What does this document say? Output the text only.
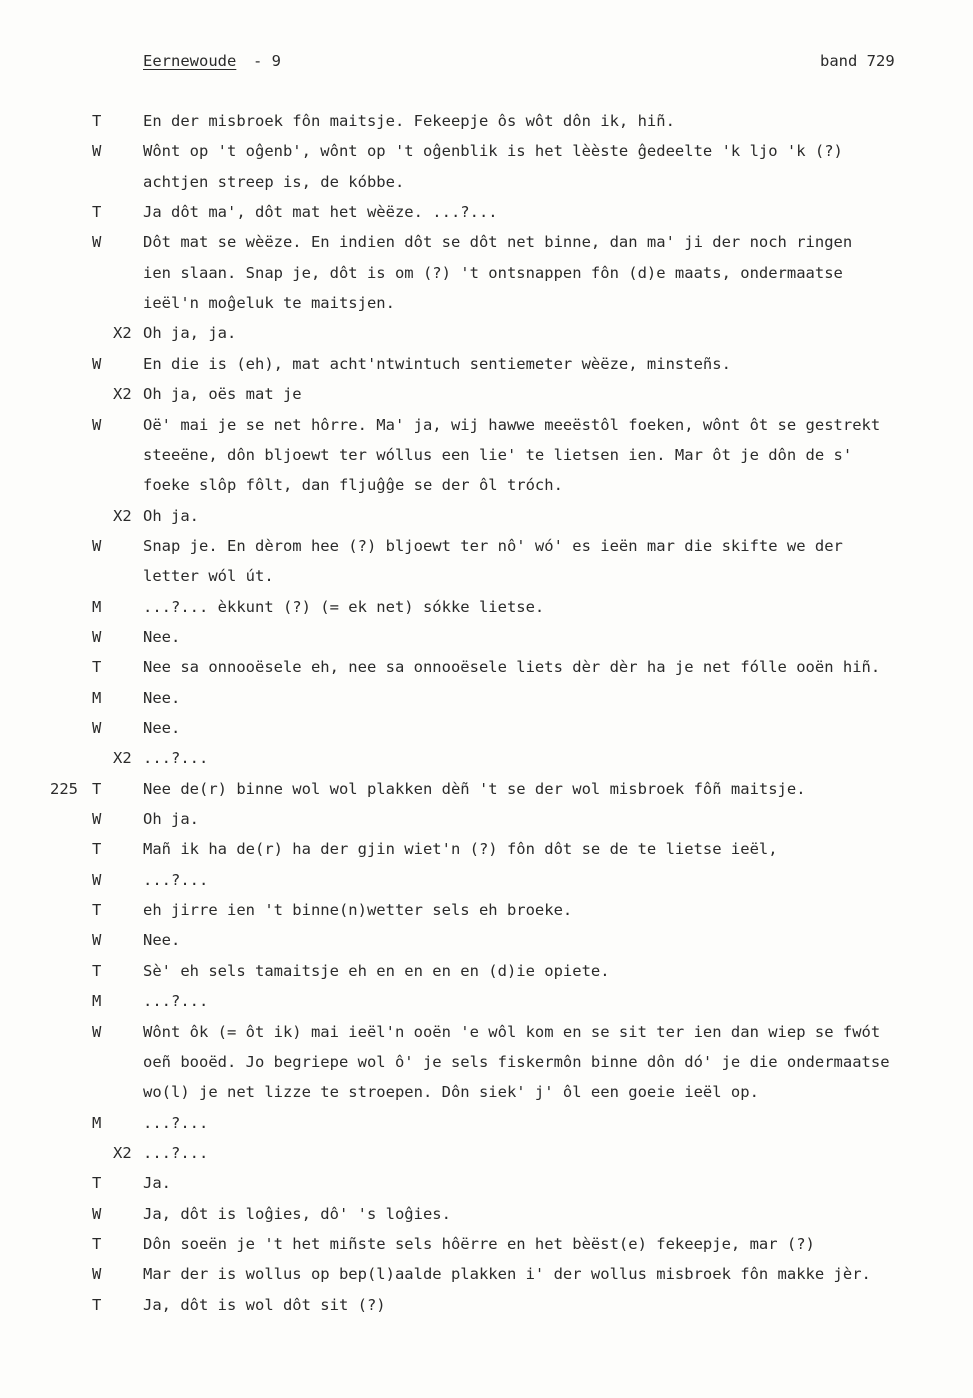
Eernewoude - 9	band 729
T	En der misbroek fôn maitsje. Fekeepje ôs wôt dôn ik, hiñ.
W	Wônt op 't oĝenb', wônt op 't oĝenblik is het lèèste ĝedeelte 'k ljo 'k (?)
achtjen streep is, de kóbbe.
T	Ja dôt ma', dôt mat het wèëze. ...?...
W	Dôt mat se wèëze. En indien dôt se dôt net binne, dan ma' ji der noch ringen
ien slaan. Snap je, dôt is om (?) 't ontsnappen fôn (d)e maats, ondermaatse
ieël'n moĝeluk te maitsjen.
X2 Oh ja, ja.
W	En die is (eh), mat acht'ntwintuch sentiemeter wèëze, minsteñs.
X2 Oh ja, oës mat je
W	Oë' mai je se net hôrre. Ma' ja, wij hawwe meeëstôl foeken, wônt ôt se gestrekt
steeëne, dôn bljoewt ter wóllus een lie' te lietsen ien. Mar ôt je dôn de s'
foeke slôp fôlt, dan fljuĝĝe se der ôl tróch.
X2 Oh ja.
W	Snap je. En dèrom hee (?) bljoewt ter nô' wó' es ieën mar die skifte we der
letter wól út.
M	...?... èkkunt (?) (= ek net) sókke lietse.
W	Nee.
T	Nee sa onnooësele eh, nee sa onnooësele liets dèr dèr ha je net fólle ooën hiñ.
M	Nee.
W	Nee.
X2 ...?...
225 T	Nee de(r) binne wol wol plakken dèñ 't se der wol misbroek fôñ maitsje.
W	Oh ja.
T	Mañ ik ha de(r) ha der gjin wiet'n (?) fôn dôt se de te lietse ieël,
W	...?...
T	eh jirre ien 't binne(n)wetter sels eh broeke.
W	Nee.
T	Sè' eh sels tamaitsje eh en en en en (d)ie opiete.
M	...?...
W	Wônt ôk (= ôt ik) mai ieël'n ooën 'e wôl kom en se sit ter ien dan wiep se fwót
oeñ booëd. Jo begriepe wol ô' je sels fiskermôn binne dôn dó' je die ondermaatse
wo(l) je net lizze te stroepen. Dôn siek' j' ôl een goeie ieël op.
M	...?...
X2 ...?...
T	Ja.
W	Ja, dôt is loĝies, dô' 's loĝies.
T	Dôn soeën je 't het miñste sels hôërre en het bèëst(e) fekeepje, mar (?)
W	Mar der is wollus op bep(l)aalde plakken i' der wollus misbroek fôn makke jèr.
T	Ja, dôt is wol dôt sit (?)
